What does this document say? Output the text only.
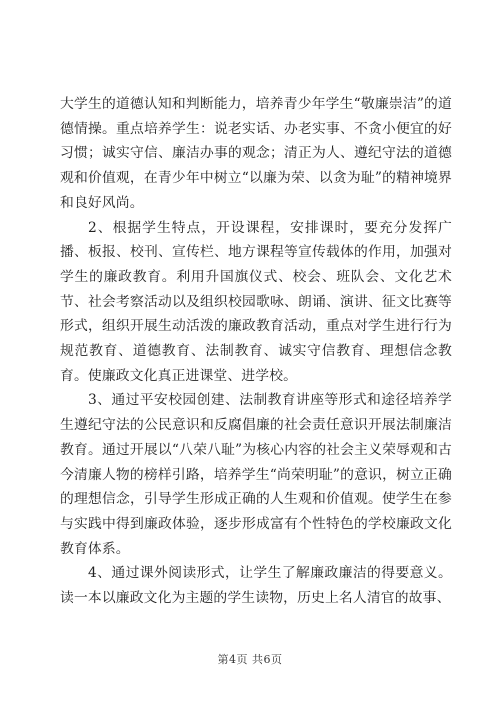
大学生的道德认知和判断能力，培养青少年学生“敬廉崇洁”的道德情操。重点培养学生：说老实话、办老实事、不贪小便宜的好习惯；诚实守信、廉洁办事的观念；清正为人、遵纪守法的道德观和价值观，在青少年中树立“以廉为荣、以贪为耻”的精神境界和良好风尚。

2、根据学生特点，开设课程，安排课时，要充分发挥广播、板报、校刊、宣传栏、地方课程等宣传载体的作用，加强对学生的廉政教育。利用升国旗仪式、校会、班队会、文化艺术节、社会考察活动以及组织校园歌咏、朗诵、演讲、征文比赛等形式，组织开展生动活泼的廉政教育活动，重点对学生进行行为规范教育、道德教育、法制教育、诚实守信教育、理想信念教育。使廉政文化真正进课堂、进学校。

3、通过平安校园创建、法制教育讲座等形式和途径培养学生遵纪守法的公民意识和反腐倡廉的社会责任意识开展法制廉洁教育。通过开展以“八荣八耻”为核心内容的社会主义荣辱观和古今清廉人物的榜样引路，培养学生“尚荣明耻”的意识，树立正确的理想信念，引导学生形成正确的人生观和价值观。使学生在参与实践中得到廉政体验，逐步形成富有个性特色的学校廉政文化教育体系。

4、通过课外阅读形式，让学生了解廉政廉洁的得要意义。读一本以廉政文化为主题的学生读物，历史上名人清官的故事、

第4页 共6页
